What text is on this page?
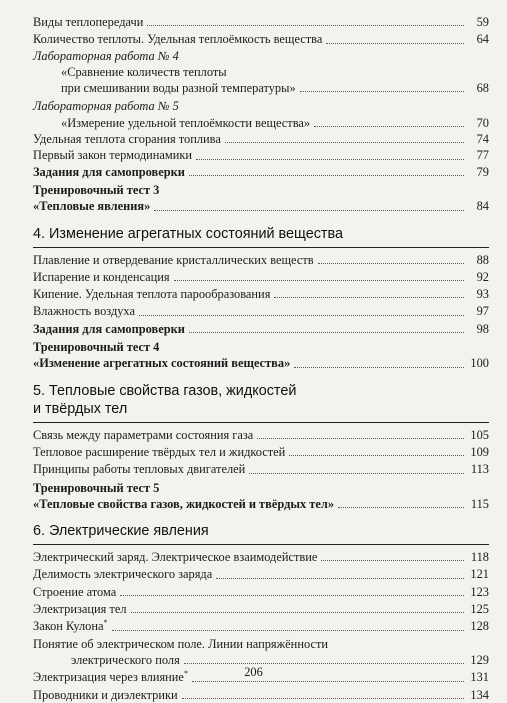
Виды теплопередачи	59
Количество теплоты. Удельная теплоёмкость вещества	64
Лабораторная работа № 4
«Сравнение количеств теплоты
при смешивании воды разной температуры»	68
Лабораторная работа № 5
«Измерение удельной теплоёмкости вещества»	70
Удельная теплота сгорания топлива	74
Первый закон термодинамики	77
Задания для самопроверки	79
Тренировочный тест 3
«Тепловые явления»	84
4. Изменение агрегатных состояний вещества
Плавление и отвердевание кристаллических веществ	88
Испарение и конденсация	92
Кипение. Удельная теплота парообразования	93
Влажность воздуха	97
Задания для самопроверки	98
Тренировочный тест 4
«Изменение агрегатных состояний вещества»	100
5. Тепловые свойства газов, жидкостей
и твёрдых тел
Связь между параметрами состояния газа	105
Тепловое расширение твёрдых тел и жидкостей	109
Принципы работы тепловых двигателей	113
Тренировочный тест 5
«Тепловые свойства газов, жидкостей и твёрдых тел»	115
6. Электрические явления
Электрический заряд. Электрическое взаимодействие	118
Делимость электрического заряда	121
Строение атома	123
Электризация тел	125
Закон Кулона*	128
Понятие об электрическом поле. Линии напряжённости
электрического поля	129
Электризация через влияние*	131
Проводники и диэлектрики	134
206
